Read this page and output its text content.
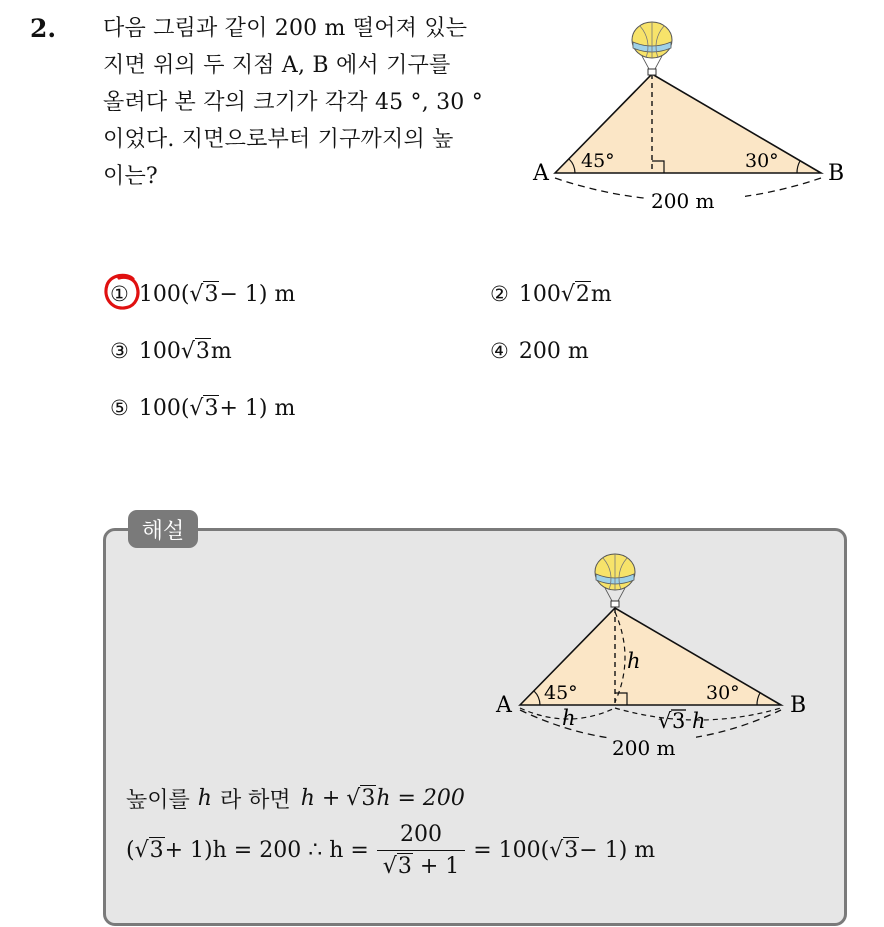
2. 다음 그림과 같이 200 m 떨어져 있는
지면 위의 두 지점 A, B 에서 기구를
올려다 본 각의 크기가 각각 45 °, 30 °
이었다. 지면으로부터 기구까지의 높
이는?	A	B
45°	30°
200 m
① 100( √3 − 1) m	② 100 √2 m
③ 100 √3 m	④ 200 m
⑤ 100( √3 + 1) m
해설
A	B
45°	30°
h
h	√ 3 h
200 m
높이를 h 라 하면 h + √3 h = 200
( √3 + 1)h = 200 ∴ $h = \frac{200}{√3 + 1} = 100$( √3 − 1) m
